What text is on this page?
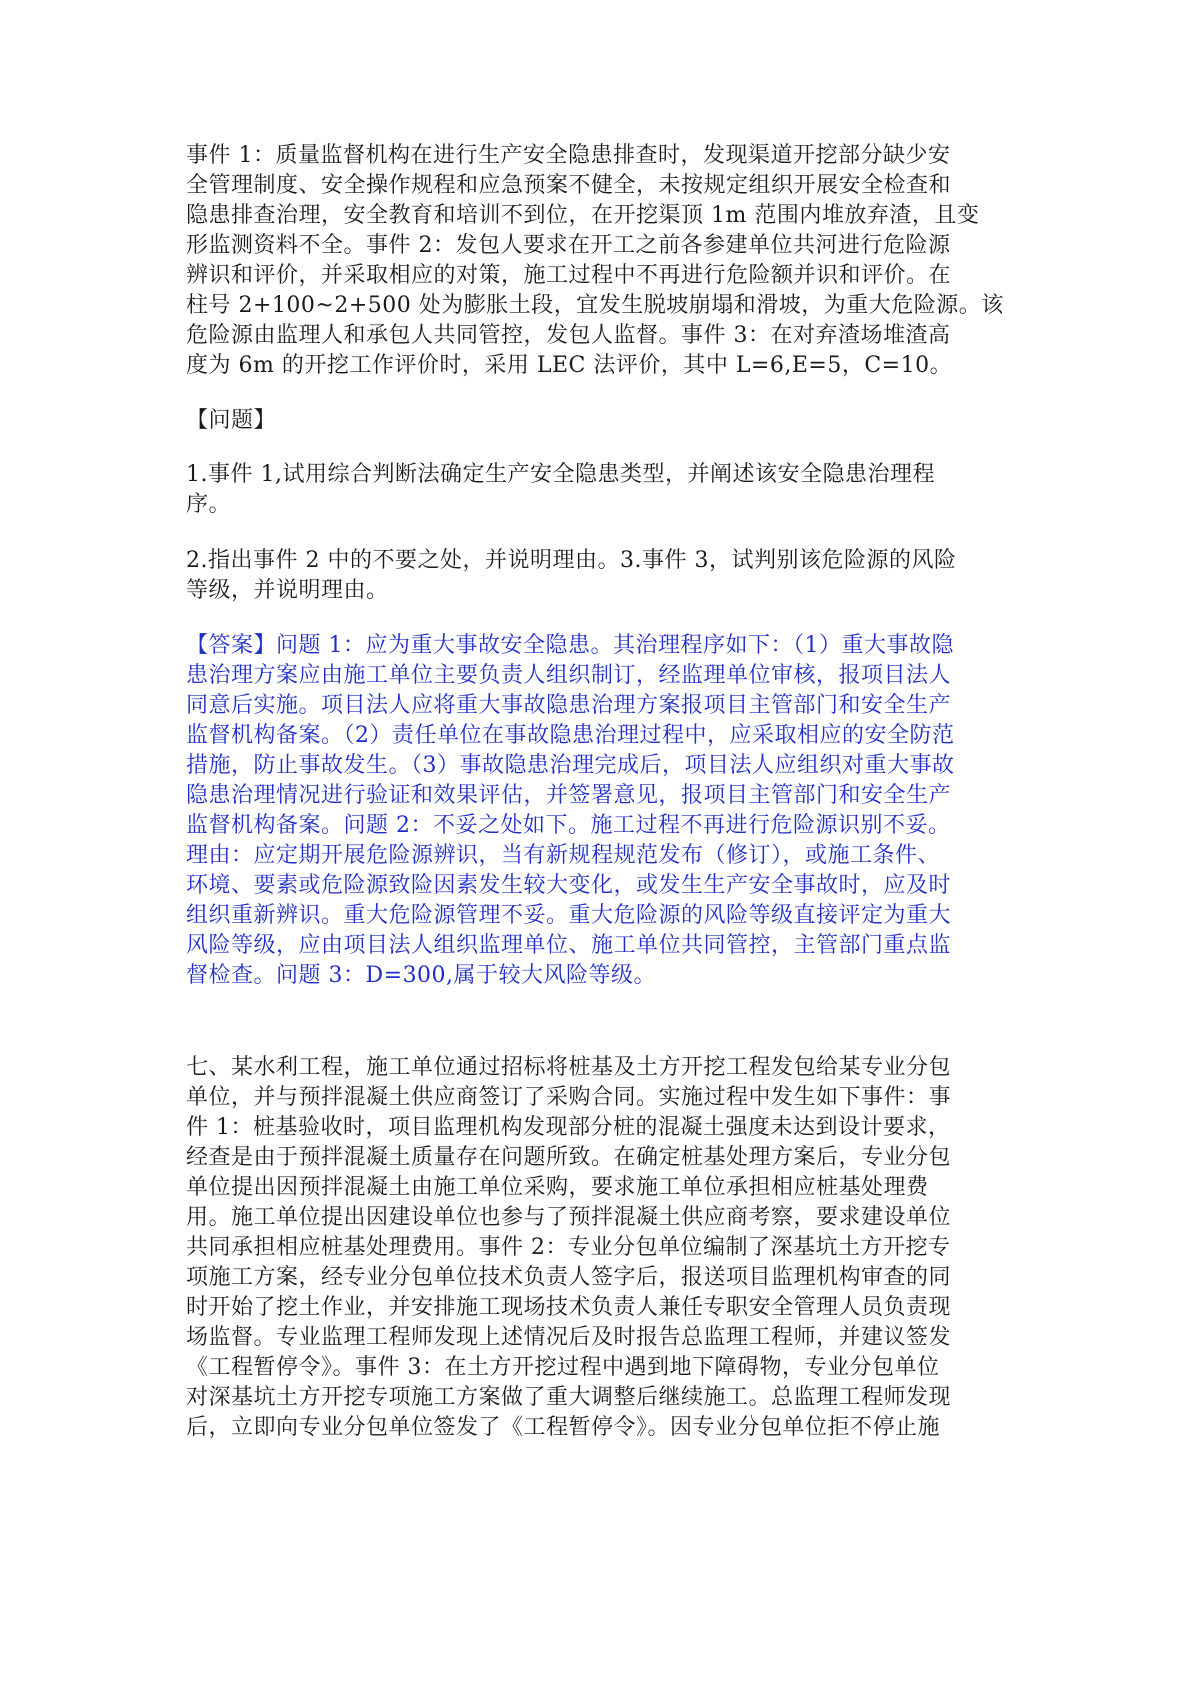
事件 1：质量监督机构在进行生产安全隐患排查时，发现渠道开挖部分缺少安
全管理制度、安全操作规程和应急预案不健全，未按规定组织开展安全检查和
隐患排查治理，安全教育和培训不到位，在开挖渠顶 1m 范围内堆放弃渣，且变
形监测资料不全。事件 2：发包人要求在开工之前各参建单位共河进行危险源
辨识和评价，并采取相应的对策，施工过程中不再进行危险额并识和评价。在
柱号 2+100~2+500 处为膨胀土段，宜发生脱坡崩塌和滑坡，为重大危险源。该
危险源由监理人和承包人共同管控，发包人监督。事件 3：在对弃渣场堆渣高
度为 6m 的开挖工作评价时，采用 LEC 法评价，其中 L=6,E=5，C=10。

【问题】

1.事件 1,试用综合判断法确定生产安全隐患类型，并阐述该安全隐患治理程
序。

2.指出事件 2 中的不要之处，并说明理由。3.事件 3，试判别该危险源的风险
等级，并说明理由。

【答案】问题 1：应为重大事故安全隐患。其治理程序如下：（1）重大事故隐
患治理方案应由施工单位主要负责人组织制订，经监理单位审核，报项目法人
同意后实施。项目法人应将重大事故隐患治理方案报项目主管部门和安全生产
监督机构备案。（2）责任单位在事故隐患治理过程中，应采取相应的安全防范
措施，防止事故发生。（3）事故隐患治理完成后，项目法人应组织对重大事故
隐患治理情况进行验证和效果评估，并签署意见，报项目主管部门和安全生产
监督机构备案。问题 2：不妥之处如下。施工过程不再进行危险源识别不妥。
理由：应定期开展危险源辨识，当有新规程规范发布（修订），或施工条件、
环境、要素或危险源致险因素发生较大变化，或发生生产安全事故时，应及时
组织重新辨识。重大危险源管理不妥。重大危险源的风险等级直接评定为重大
风险等级，应由项目法人组织监理单位、施工单位共同管控，主管部门重点监
督检查。问题 3：D=300,属于较大风险等级。

七、某水利工程，施工单位通过招标将桩基及土方开挖工程发包给某专业分包
单位，并与预拌混凝土供应商签订了采购合同。实施过程中发生如下事件：事
件 1：桩基验收时，项目监理机构发现部分桩的混凝土强度未达到设计要求，
经查是由于预拌混凝土质量存在问题所致。在确定桩基处理方案后，专业分包
单位提出因预拌混凝土由施工单位采购，要求施工单位承担相应桩基处理费
用。施工单位提出因建设单位也参与了预拌混凝土供应商考察，要求建设单位
共同承担相应桩基处理费用。事件 2：专业分包单位编制了深基坑土方开挖专
项施工方案，经专业分包单位技术负责人签字后，报送项目监理机构审查的同
时开始了挖土作业，并安排施工现场技术负责人兼任专职安全管理人员负责现
场监督。专业监理工程师发现上述情况后及时报告总监理工程师，并建议签发
《工程暂停令》。事件 3：在土方开挖过程中遇到地下障碍物，专业分包单位
对深基坑土方开挖专项施工方案做了重大调整后继续施工。总监理工程师发现
后，立即向专业分包单位签发了《工程暂停令》。因专业分包单位拒不停止施
